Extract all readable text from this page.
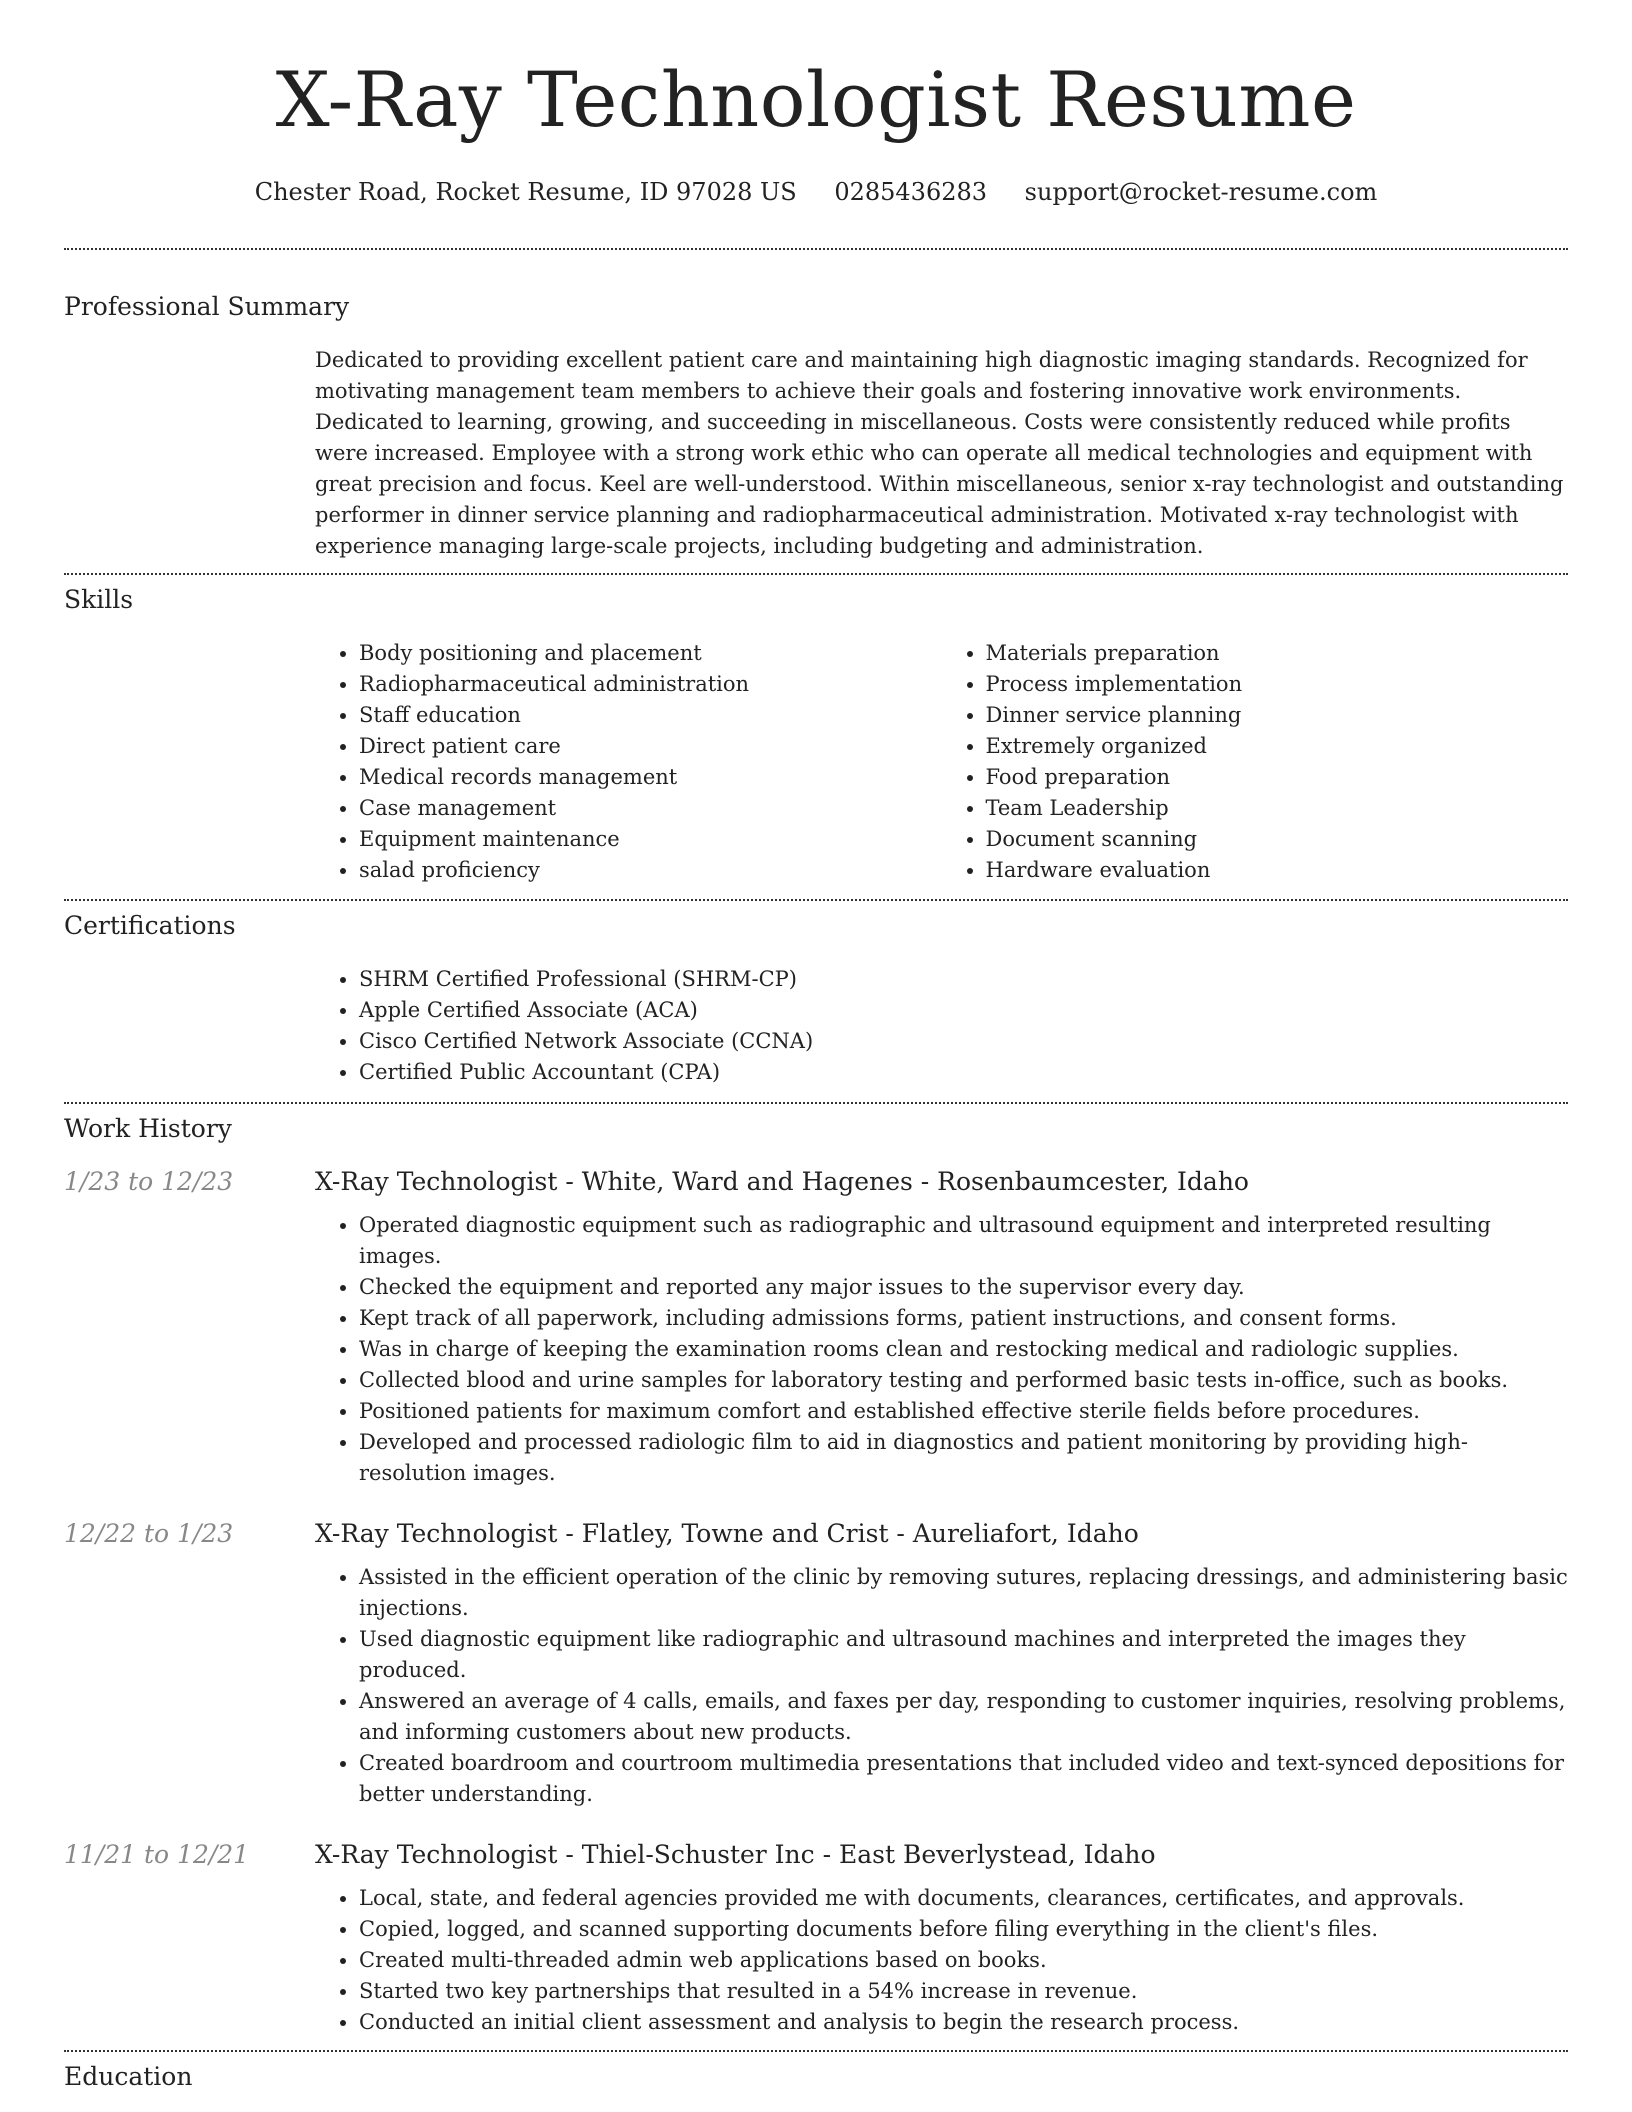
X-Ray Technologist Resume
Chester Road, Rocket Resume, ID 97028 US 0285436283 support@rocket-resume.com
Professional Summary
Dedicated to providing excellent patient care and maintaining high diagnostic imaging standards. Recognized for motivating management team members to achieve their goals and fostering innovative work environments. Dedicated to learning, growing, and succeeding in miscellaneous. Costs were consistently reduced while profits were increased. Employee with a strong work ethic who can operate all medical technologies and equipment with great precision and focus. Keel are well-understood. Within miscellaneous, senior x-ray technologist and outstanding performer in dinner service planning and radiopharmaceutical administration. Motivated x-ray technologist with experience managing large-scale projects, including budgeting and administration.
Skills
• Body positioning and placement
• Radiopharmaceutical administration
• Staff education
• Direct patient care
• Medical records management
• Case management
• Equipment maintenance
• salad proficiency
• Materials preparation
• Process implementation
• Dinner service planning
• Extremely organized
• Food preparation
• Team Leadership
• Document scanning
• Hardware evaluation
Certifications
• SHRM Certified Professional (SHRM-CP)
• Apple Certified Associate (ACA)
• Cisco Certified Network Associate (CCNA)
• Certified Public Accountant (CPA)
Work History
1/23 to 12/23	X-Ray Technologist - White, Ward and Hagenes - Rosenbaumcester, Idaho
• Operated diagnostic equipment such as radiographic and ultrasound equipment and interpreted resulting images.
• Checked the equipment and reported any major issues to the supervisor every day.
• Kept track of all paperwork, including admissions forms, patient instructions, and consent forms.
• Was in charge of keeping the examination rooms clean and restocking medical and radiologic supplies.
• Collected blood and urine samples for laboratory testing and performed basic tests in-office, such as books.
• Positioned patients for maximum comfort and established effective sterile fields before procedures.
• Developed and processed radiologic film to aid in diagnostics and patient monitoring by providing high-resolution images.
12/22 to 1/23	X-Ray Technologist - Flatley, Towne and Crist - Aureliafort, Idaho
• Assisted in the efficient operation of the clinic by removing sutures, replacing dressings, and administering basic injections.
• Used diagnostic equipment like radiographic and ultrasound machines and interpreted the images they produced.
• Answered an average of 4 calls, emails, and faxes per day, responding to customer inquiries, resolving problems, and informing customers about new products.
• Created boardroom and courtroom multimedia presentations that included video and text-synced depositions for better understanding.
11/21 to 12/21	X-Ray Technologist - Thiel-Schuster Inc - East Beverlystead, Idaho
• Local, state, and federal agencies provided me with documents, clearances, certificates, and approvals.
• Copied, logged, and scanned supporting documents before filing everything in the client's files.
• Created multi-threaded admin web applications based on books.
• Started two key partnerships that resulted in a 54% increase in revenue.
• Conducted an initial client assessment and analysis to begin the research process.
Education
